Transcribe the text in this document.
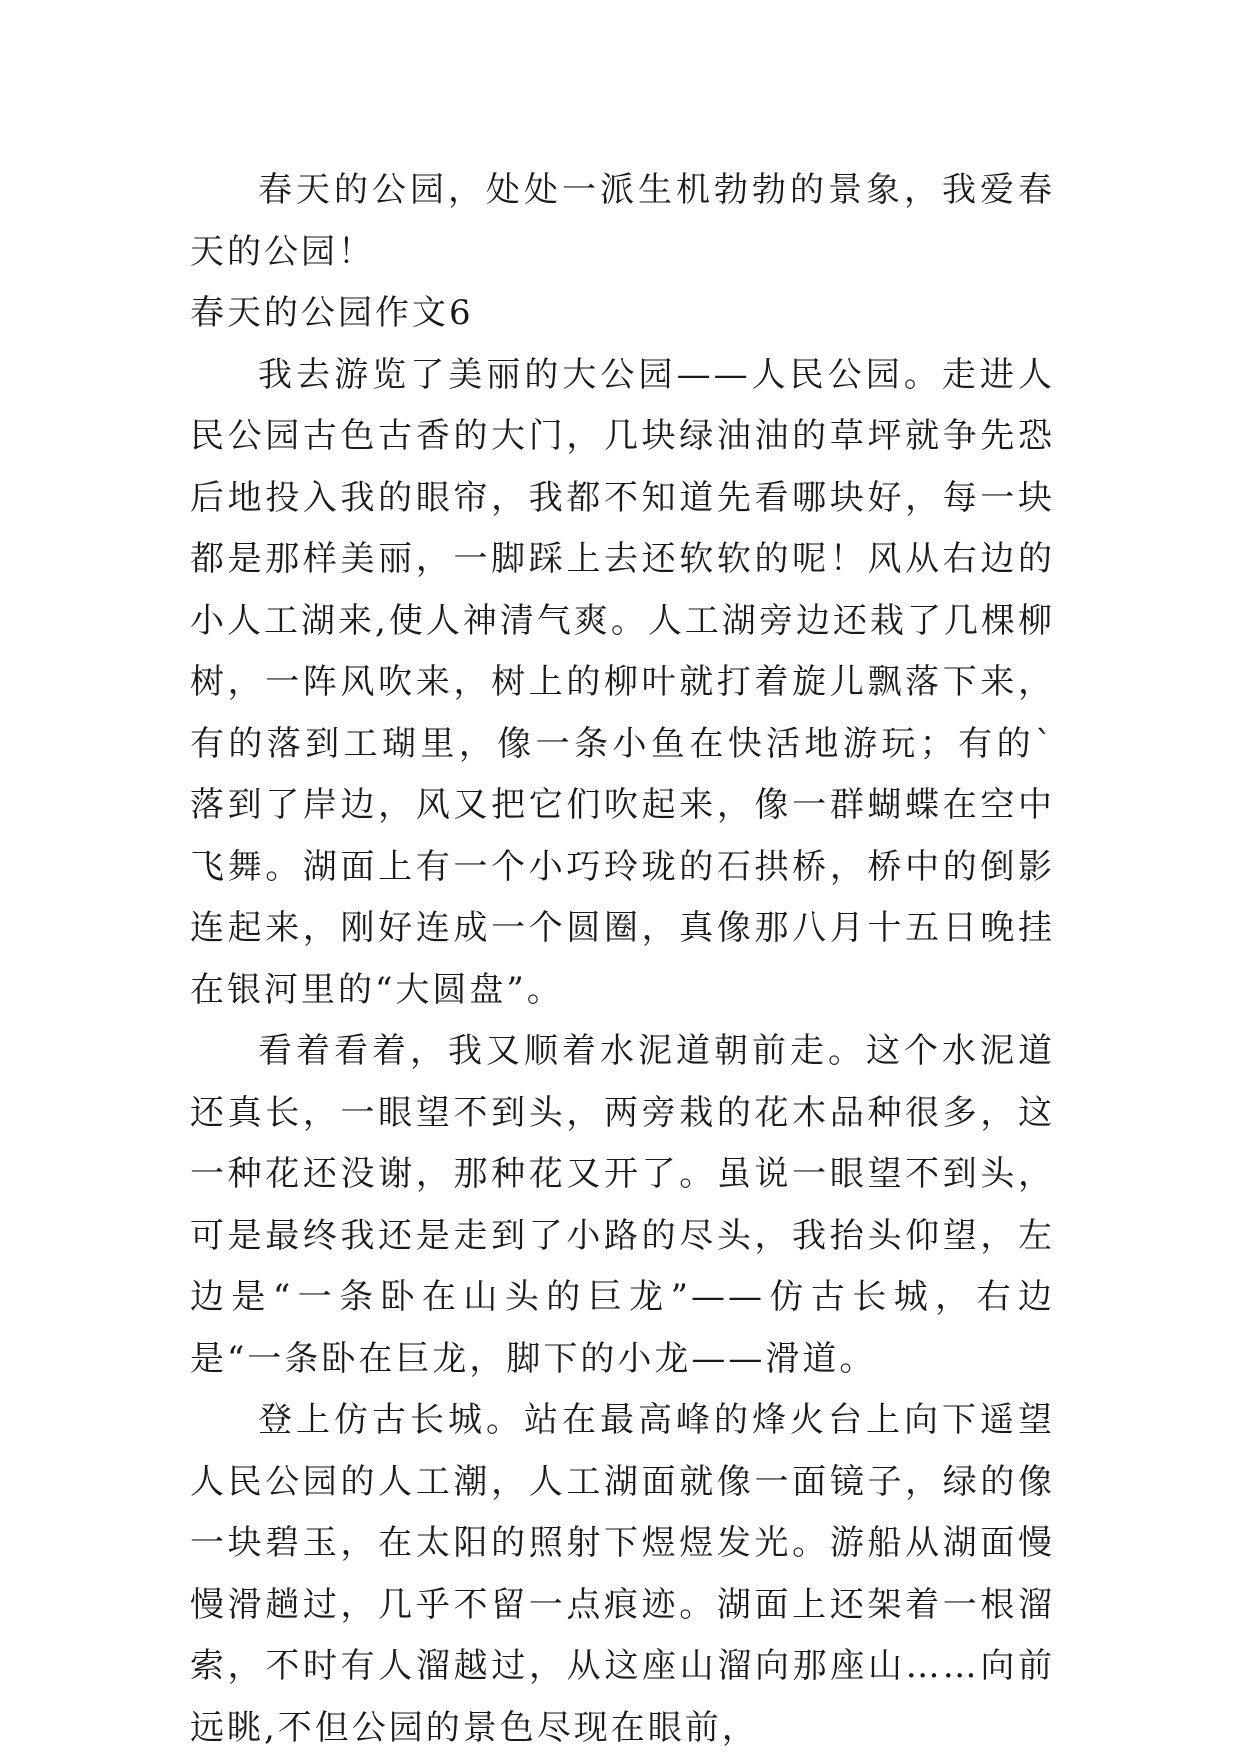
春天的公园，处处一派生机勃勃的景象，我爱春天的公园！

春天的公园作文6

我去游览了美丽的大公园——人民公园。走进人民公园古色古香的大门，几块绿油油的草坪就争先恐后地投入我的眼帘，我都不知道先看哪块好，每一块都是那样美丽，一脚踩上去还软软的呢！风从右边的小人工湖来,使人神清气爽。人工湖旁边还栽了几棵柳树，一阵风吹来，树上的柳叶就打着旋儿飘落下来，有的落到工瑚里，像一条小鱼在快活地游玩；有的`落到了岸边，风又把它们吹起来，像一群蝴蝶在空中飞舞。湖面上有一个小巧玲珑的石拱桥，桥中的倒影连起来，刚好连成一个圆圈，真像那八月十五日晚挂在银河里的“大圆盘”。

看着看着，我又顺着水泥道朝前走。这个水泥道还真长，一眼望不到头，两旁栽的花木品种很多，这一种花还没谢，那种花又开了。虽说一眼望不到头，可是最终我还是走到了小路的尽头，我抬头仰望，左边是“一条卧在山头的巨龙”——仿古长城，右边是“一条卧在巨龙，脚下的小龙——滑道。

登上仿古长城。站在最高峰的烽火台上向下遥望人民公园的人工潮，人工湖面就像一面镜子，绿的像一块碧玉，在太阳的照射下煜煜发光。游船从湖面慢慢滑趟过，几乎不留一点痕迹。湖面上还架着一根溜索，不时有人溜越过，从这座山溜向那座山……向前远眺,不但公园的景色尽现在眼前，
